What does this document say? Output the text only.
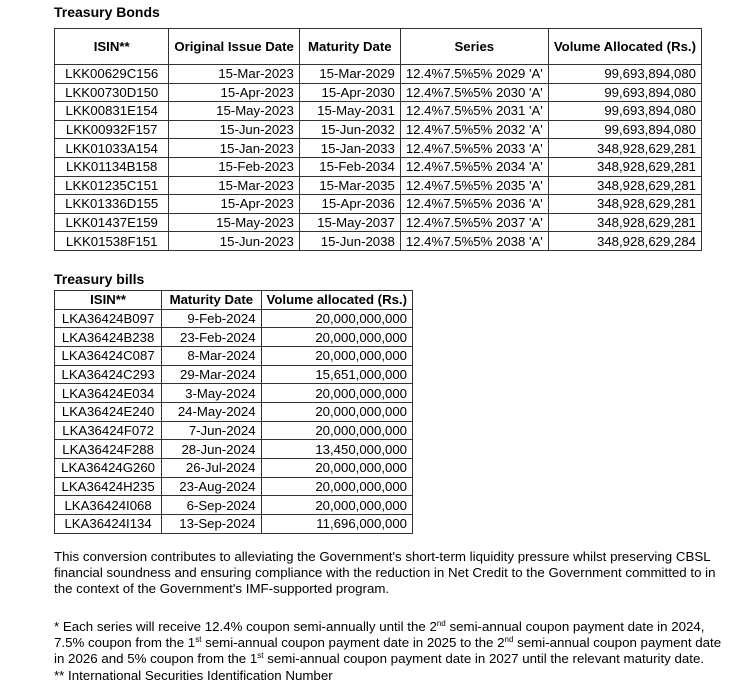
Treasury Bonds
ISIN**	Original Issue Date	Maturity Date	Series	Volume Allocated (Rs.)
LKK00629C156	15-Mar-2023	15-Mar-2029	12.4%7.5%5% 2029 'A'	99,693,894,080
LKK00730D150	15-Apr-2023	15-Apr-2030	12.4%7.5%5% 2030 'A'	99,693,894,080
LKK00831E154	15-May-2023	15-May-2031	12.4%7.5%5% 2031 'A'	99,693,894,080
LKK00932F157	15-Jun-2023	15-Jun-2032	12.4%7.5%5% 2032 'A'	99,693,894,080
LKK01033A154	15-Jan-2023	15-Jan-2033	12.4%7.5%5% 2033 'A'	348,928,629,281
LKK01134B158	15-Feb-2023	15-Feb-2034	12.4%7.5%5% 2034 'A'	348,928,629,281
LKK01235C151	15-Mar-2023	15-Mar-2035	12.4%7.5%5% 2035 'A'	348,928,629,281
LKK01336D155	15-Apr-2023	15-Apr-2036	12.4%7.5%5% 2036 'A'	348,928,629,281
LKK01437E159	15-May-2023	15-May-2037	12.4%7.5%5% 2037 'A'	348,928,629,281
LKK01538F151	15-Jun-2023	15-Jun-2038	12.4%7.5%5% 2038 'A'	348,928,629,284
Treasury bills
ISIN**	Maturity Date	Volume allocated (Rs.)
LKA36424B097	9-Feb-2024	20,000,000,000
LKA36424B238	23-Feb-2024	20,000,000,000
LKA36424C087	8-Mar-2024	20,000,000,000
LKA36424C293	29-Mar-2024	15,651,000,000
LKA36424E034	3-May-2024	20,000,000,000
LKA36424E240	24-May-2024	20,000,000,000
LKA36424F072	7-Jun-2024	20,000,000,000
LKA36424F288	28-Jun-2024	13,450,000,000
LKA36424G260	26-Jul-2024	20,000,000,000
LKA36424H235	23-Aug-2024	20,000,000,000
LKA36424I068	6-Sep-2024	20,000,000,000
LKA36424I134	13-Sep-2024	11,696,000,000
This conversion contributes to alleviating the Government's short-term liquidity pressure whilst preserving CBSL financial soundness and ensuring compliance with the reduction in Net Credit to the Government committed to in the context of the Government's IMF-supported program.
* Each series will receive 12.4% coupon semi-annually until the 2nd semi-annual coupon payment date in 2024, 7.5% coupon from the 1st semi-annual coupon payment date in 2025 to the 2nd semi-annual coupon payment date in 2026 and 5% coupon from the 1st semi-annual coupon payment date in 2027 until the relevant maturity date.
** International Securities Identification Number
